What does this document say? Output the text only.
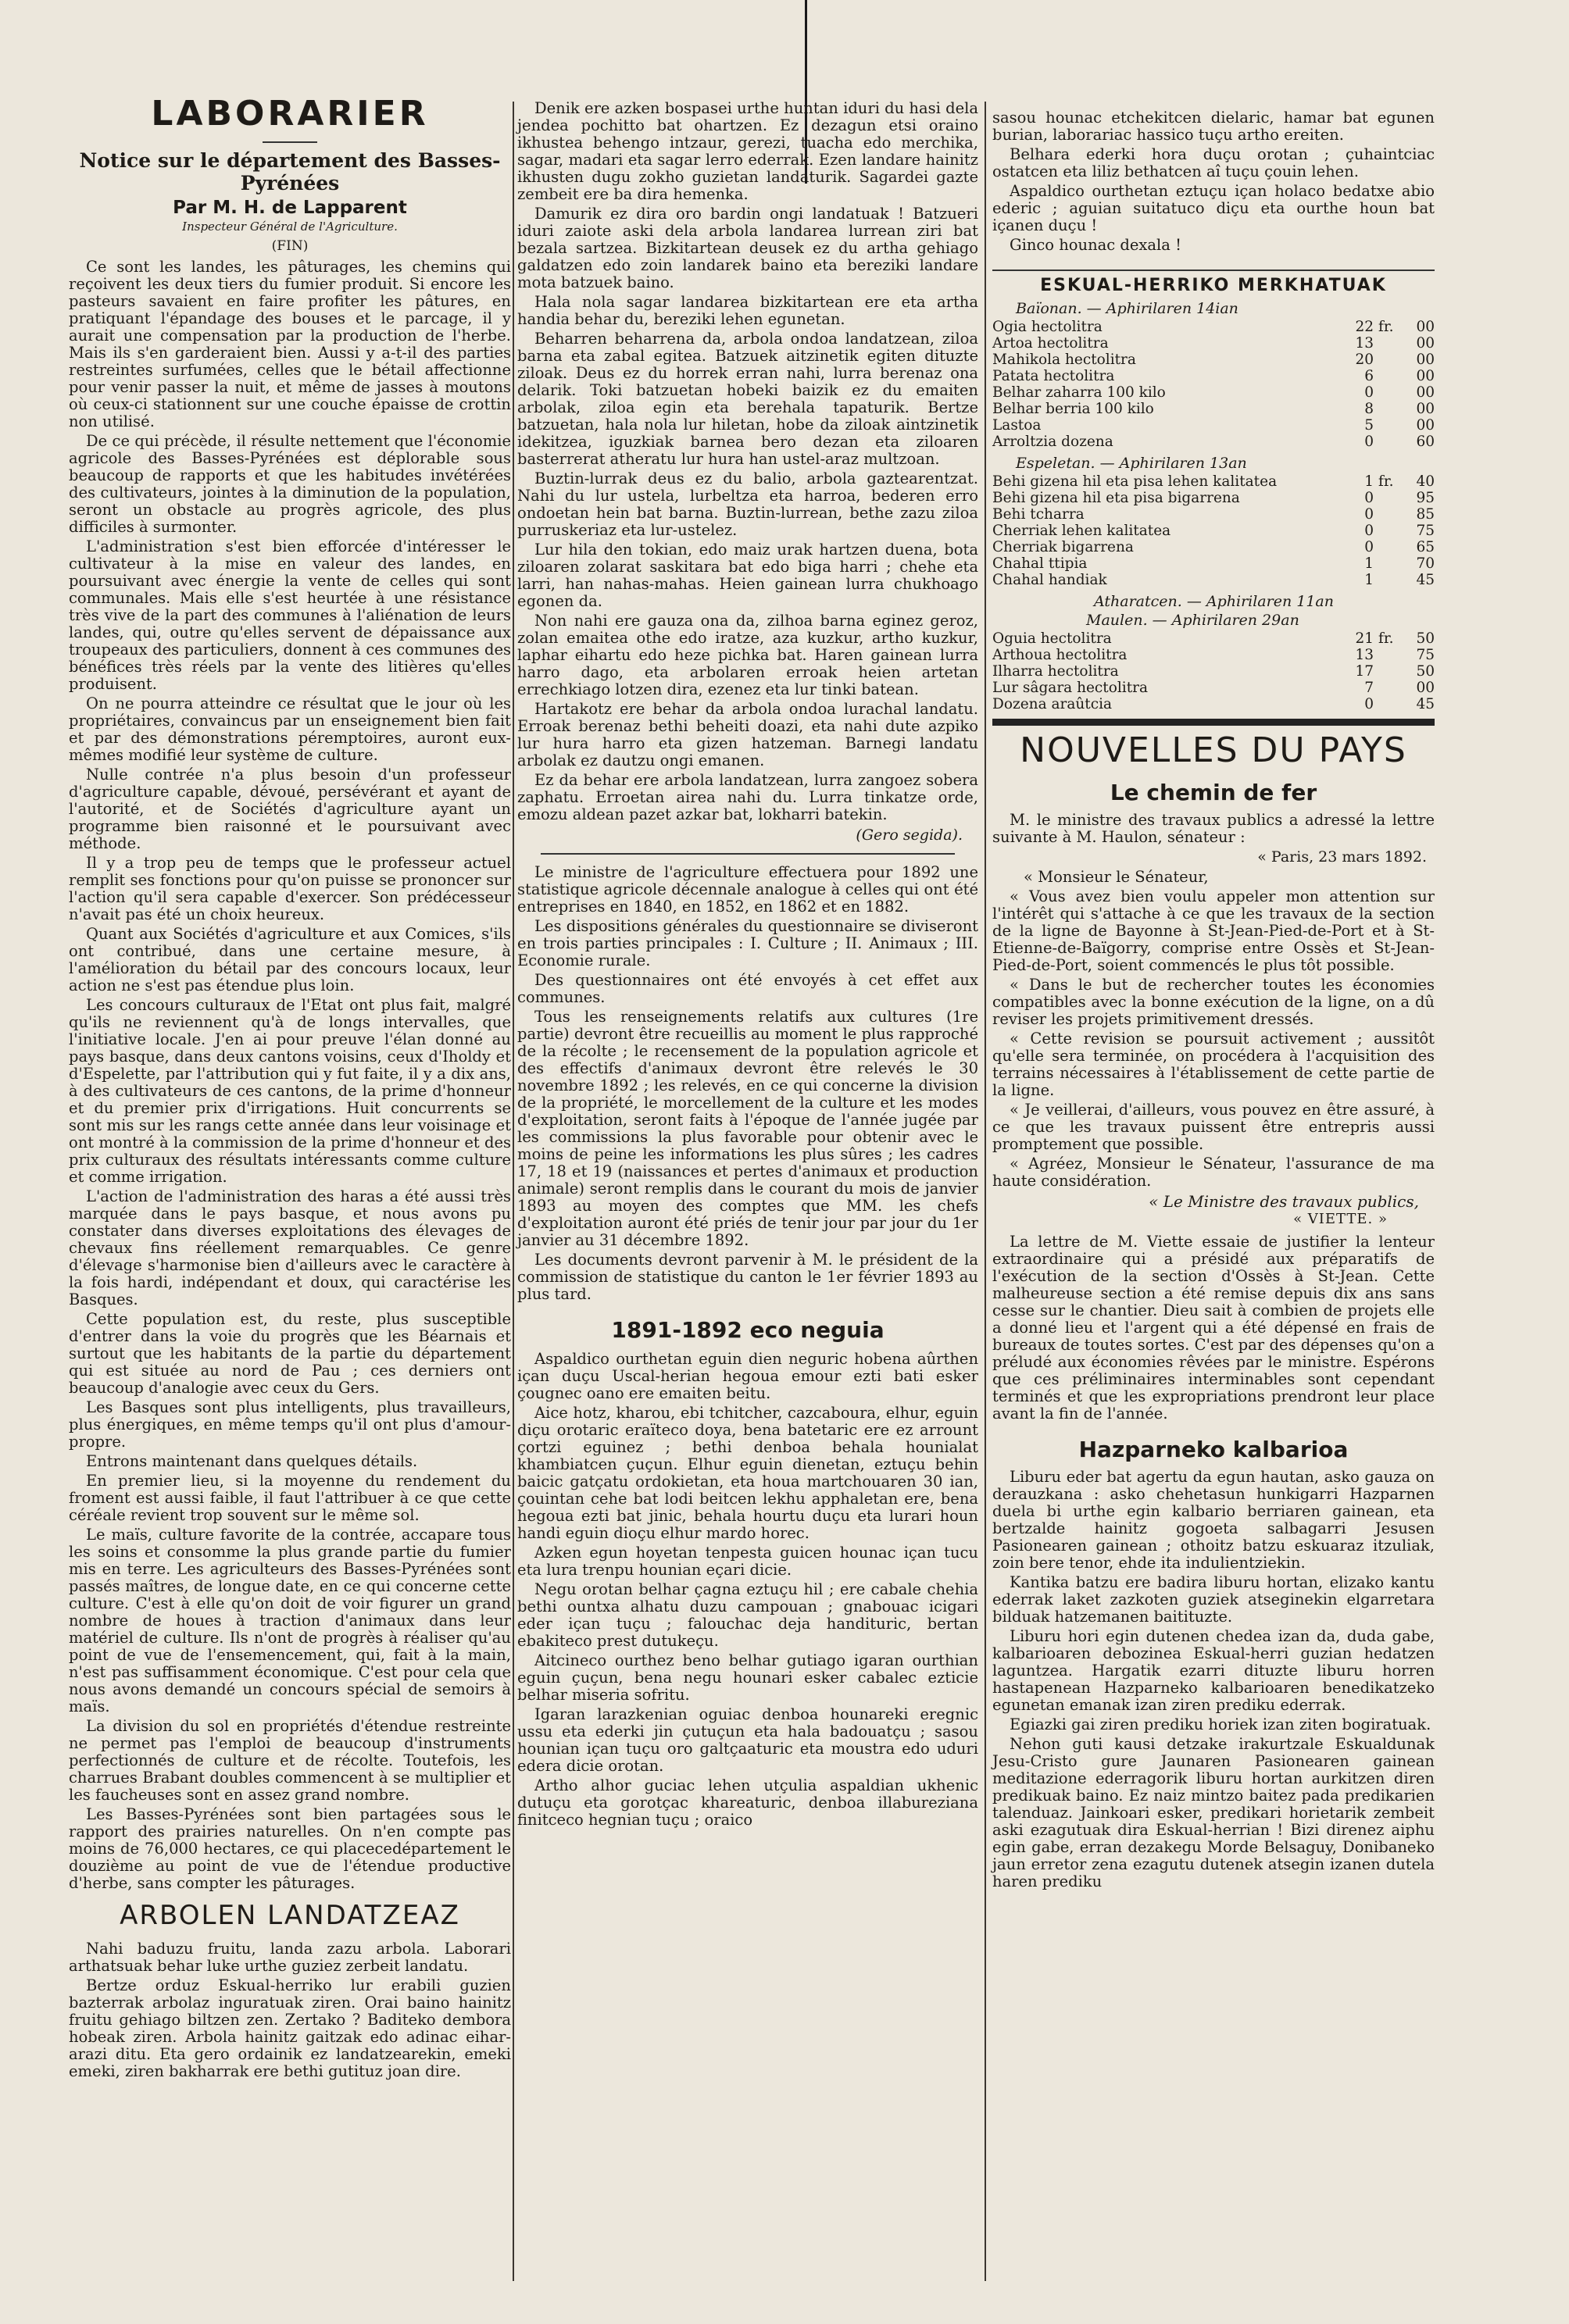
LABORARIER

Notice sur le département des Basses-Pyrénées

Par M. H. de Lapparent

Inspecteur Général de l'Agriculture.

(FIN)

Ce sont les landes, les pâturages, les chemins qui reçoivent les deux tiers du fumier produit. Si encore les pasteurs savaient en faire profiter les pâtures, en pratiquant l'épandage des bouses et le parcage, il y aurait une compensation par la production de l'herbe. Mais ils s'en garderaient bien. Aussi y a-t-il des parties restreintes surfumées, celles que le bétail affectionne pour venir passer la nuit, et même de jasses à moutons où ceux-ci stationnent sur une couche épaisse de crottin non utilisé.

De ce qui précède, il résulte nettement que l'économie agricole des Basses-Pyrénées est déplorable sous beaucoup de rapports et que les habitudes invétérées des cultivateurs, jointes à la diminution de la population, seront un obstacle au progrès agricole, des plus difficiles à surmonter.

L'administration s'est bien efforcée d'intéresser le cultivateur à la mise en valeur des landes, en poursuivant avec énergie la vente de celles qui sont communales. Mais elle s'est heurtée à une résistance très vive de la part des communes à l'aliénation de leurs landes, qui, outre qu'elles servent de dépaissance aux troupeaux des particuliers, donnent à ces communes des bénéfices très réels par la vente des litières qu'elles produisent.

On ne pourra atteindre ce résultat que le jour où les propriétaires, convaincus par un enseignement bien fait et par des démonstrations péremptoires, auront eux-mêmes modifié leur système de culture.

Nulle contrée n'a plus besoin d'un professeur d'agriculture capable, dévoué, persévérant et ayant de l'autorité, et de Sociétés d'agriculture ayant un programme bien raisonné et le poursuivant avec méthode.

Il y a trop peu de temps que le professeur actuel remplit ses fonctions pour qu'on puisse se prononcer sur l'action qu'il sera capable d'exercer. Son prédécesseur n'avait pas été un choix heureux.

Quant aux Sociétés d'agriculture et aux Comices, s'ils ont contribué, dans une certaine mesure, à l'amélioration du bétail par des concours locaux, leur action ne s'est pas étendue plus loin.

Les concours culturaux de l'Etat ont plus fait, malgré qu'ils ne reviennent qu'à de longs intervalles, que l'initiative locale. J'en ai pour preuve l'élan donné au pays basque, dans deux cantons voisins, ceux d'Iholdy et d'Espelette, par l'attribution qui y fut faite, il y a dix ans, à des cultivateurs de ces cantons, de la prime d'honneur et du premier prix d'irrigations. Huit concurrents se sont mis sur les rangs cette année dans leur voisinage et ont montré à la commission de la prime d'honneur et des prix culturaux des résultats intéressants comme culture et comme irrigation.

L'action de l'administration des haras a été aussi très marquée dans le pays basque, et nous avons pu constater dans diverses exploitations des élevages de chevaux fins réellement remarquables. Ce genre d'élevage s'harmonise bien d'ailleurs avec le caractère à la fois hardi, indépendant et doux, qui caractérise les Basques.

Cette population est, du reste, plus susceptible d'entrer dans la voie du progrès que les Béarnais et surtout que les habitants de la partie du département qui est située au nord de Pau ; ces derniers ont beaucoup d'analogie avec ceux du Gers.

Les Basques sont plus intelligents, plus travailleurs, plus énergiques, en même temps qu'il ont plus d'amour-propre.

Entrons maintenant dans quelques détails.

En premier lieu, si la moyenne du rendement du froment est aussi faible, il faut l'attribuer à ce que cette céréale revient trop souvent sur le même sol.

Le maïs, culture favorite de la contrée, accapare tous les soins et consomme la plus grande partie du fumier mis en terre. Les agriculteurs des Basses-Pyrénées sont passés maîtres, de longue date, en ce qui concerne cette culture. C'est à elle qu'on doit de voir figurer un grand nombre de houes à traction d'animaux dans leur matériel de culture. Ils n'ont de progrès à réaliser qu'au point de vue de l'ensemencement, qui, fait à la main, n'est pas suffisamment économique. C'est pour cela que nous avons demandé un concours spécial de semoirs à maïs.

La division du sol en propriétés d'étendue restreinte ne permet pas l'emploi de beaucoup d'instruments perfectionnés de culture et de récolte. Toutefois, les charrues Brabant doubles commencent à se multiplier et les faucheuses sont en assez grand nombre.

Les Basses-Pyrénées sont bien partagées sous le rapport des prairies naturelles. On n'en compte pas moins de 76,000 hectares, ce qui placecedépartement le douzième au point de vue de l'étendue productive d'herbe, sans compter les pâturages.

ARBOLEN LANDATZEAZ

Nahi baduzu fruitu, landa zazu arbola. Laborari arthatsuak behar luke urthe guziez zerbeit landatu.

Bertze orduz Eskual-herriko lur erabili guzien bazterrak arbolaz inguratuak ziren. Orai baino hainitz fruitu gehiago biltzen zen. Zertako ? Baditeko dembora hobeak ziren. Arbola hainitz gaitzak edo adinac eihar-arazi ditu. Eta gero ordainik ez landatzearekin, emeki emeki, ziren bakharrak ere bethi gutituz joan dire.

Denik ere azken bospasei urthe huntan iduri du hasi dela jendea pochitto bat ohartzen. Ez dezagun etsi oraino ikhustea behengo intzaur, gerezi, tuacha edo merchika, sagar, madari eta sagar lerro ederrak. Ezen landare hainitz ikhusten dugu zokho guzietan landaturik. Sagardei gazte zembeit ere ba dira hemenka.

Damurik ez dira oro bardin ongi landatuak ! Batzueri iduri zaiote aski dela arbola landarea lurrean ziri bat bezala sartzea. Bizkitartean deusek ez du artha gehiago galdatzen edo zoin landarek baino eta bereziki landare mota batzuek baino.

Hala nola sagar landarea bizkitartean ere eta artha handia behar du, bereziki lehen egunetan.

Beharren beharrena da, arbola ondoa landatzean, ziloa barna eta zabal egitea. Batzuek aitzinetik egiten dituzte ziloak. Deus ez du horrek erran nahi, lurra berenaz ona delarik. Toki batzuetan hobeki baizik ez du emaiten arbolak, ziloa egin eta berehala tapaturik. Bertze batzuetan, hala nola lur hiletan, hobe da ziloak aintzinetik idekitzea, iguzkiak barnea bero dezan eta ziloaren basterrerat atheratu lur hura han ustel-araz multzoan.

Buztin-lurrak deus ez du balio, arbola gaztearentzat. Nahi du lur ustela, lurbeltza eta harroa, bederen erro ondoetan hein bat barna. Buztin-lurrean, bethe zazu ziloa purruskeriaz eta lur-ustelez.

Lur hila den tokian, edo maiz urak hartzen duena, bota ziloaren zolarat saskitara bat edo biga harri ; chehe eta larri, han nahas-mahas. Heien gainean lurra chukhoago egonen da.

Non nahi ere gauza ona da, zilhoa barna eginez geroz, zolan emaitea othe edo iratze, aza kuzkur, artho kuzkur, laphar eihartu edo heze pichka bat. Haren gainean lurra harro dago, eta arbolaren erroak heien artetan errechkiago lotzen dira, ezenez eta lur tinki batean.

Hartakotz ere behar da arbola ondoa lurachal landatu. Erroak berenaz bethi beheiti doazi, eta nahi dute azpiko lur hura harro eta gizen hatzeman. Barnegi landatu arbolak ez dautzu ongi emanen.

Ez da behar ere arbola landatzean, lurra zangoez sobera zaphatu. Erroetan airea nahi du. Lurra tinkatze orde, emozu aldean pazet azkar bat, lokharri batekin.

(Gero segida).

Le ministre de l'agriculture effectuera pour 1892 une statistique agricole décennale analogue à celles qui ont été entreprises en 1840, en 1852, en 1862 et en 1882.

Les dispositions générales du questionnaire se diviseront en trois parties principales : I. Culture ; II. Animaux ; III. Economie rurale.

Des questionnaires ont été envoyés à cet effet aux communes.

Tous les renseignements relatifs aux cultures (1re partie) devront être recueillis au moment le plus rapproché de la récolte ; le recensement de la population agricole et des effectifs d'animaux devront être relevés le 30 novembre 1892 ; les relevés, en ce qui concerne la division de la propriété, le morcellement de la culture et les modes d'exploitation, seront faits à l'époque de l'année jugée par les commissions la plus favorable pour obtenir avec le moins de peine les informations les plus sûres ; les cadres 17, 18 et 19 (naissances et pertes d'animaux et production animale) seront remplis dans le courant du mois de janvier 1893 au moyen des comptes que MM. les chefs d'exploitation auront été priés de tenir jour par jour du 1er janvier au 31 décembre 1892.

Les documents devront parvenir à M. le président de la commission de statistique du canton le 1er février 1893 au plus tard.

1891-1892 eco neguia

Aspaldico ourthetan eguin dien neguric hobena aûrthen içan duçu Uscal-herian hegoua emour ezti bati esker çougnec oano ere emaiten beitu.

Aice hotz, kharou, ebi tchitcher, cazcaboura, elhur, eguin diçu orotaric eraïteco doya, bena batetaric ere ez arrount çortzi eguinez ; bethi denboa behala hounialat khambiatcen çuçun. Elhur eguin dienetan, eztuçu behin baicic gatçatu ordokietan, eta houa martchouaren 30 ian, çouintan cehe bat lodi beitcen lekhu apphaletan ere, bena hegoua ezti bat jinic, behala hourtu duçu eta lurari houn handi eguin dioçu elhur mardo horec.

Azken egun hoyetan tenpesta guicen hounac içan tucu eta lura trenpu hounian eçari dicie.

Negu orotan belhar çagna eztuçu hil ; ere cabale chehia bethi ountxa alhatu duzu campouan ; gnabouac icigari eder içan tuçu ; falouchac deja handituric, bertan ebakiteco prest dutukeçu.

Aitcineco ourthez beno belhar gutiago igaran ourthian eguin çuçun, bena negu hounari esker cabalec ezticie belhar miseria sofritu.

Igaran larazkenian oguiac denboa hounareki eregnic ussu eta ederki jin çutuçun eta hala badouatçu ; sasou hounian içan tuçu oro galtçaaturic eta moustra edo uduri edera dicie orotan.

Artho alhor guciac lehen utçulia aspaldian ukhenic dutuçu eta gorotçac khareaturic, denboa illabureziana finitceco hegnian tuçu ; oraico

sasou hounac etchekitcen dielaric, hamar bat egunen burian, laborariac hassico tuçu artho ereiten.

Belhara ederki hora duçu orotan ; çuhaintciac ostatcen eta liliz bethatcen aî tuçu çouin lehen.

Aspaldico ourthetan eztuçu içan holaco bedatxe abio ederic ; aguian suitatuco diçu eta ourthe houn bat içanen duçu !

Ginco hounac dexala !

ESKUAL-HERRIKO MERKHATUAK
Baïonan. — Aphirilaren 14ian
Ogia hectolitra	22	fr.	00
Artoa hectolitra	13		00
Mahikola hectolitra	20		00
Patata hectolitra	6		00
Belhar zaharra 100 kilo	0		00
Belhar berria 100 kilo	8		00
Lastoa	5		00
Arroltzia dozena	0		60
Espeletan. — Aphirilaren 13an
Behi gizena hil eta pisa lehen kalitatea	1	fr.	40
Behi gizena hil eta pisa bigarrena	0		95
Behi tcharra	0		85
Cherriak lehen kalitatea	0		75
Cherriak bigarrena	0		65
Chahal ttipia	1		70
Chahal handiak	1		45
Atharatcen. — Aphirilaren 11an
Maulen. — Aphirilaren 29an
Oguia hectolitra	21	fr.	50
Arthoua hectolitra	13		75
Ilharra hectolitra	17		50
Lur sâgara hectolitra	7		00
Dozena araûtcia	0		45
NOUVELLES DU PAYS
Le chemin de fer

M. le ministre des travaux publics a adressé la lettre suivante à M. Haulon, sénateur :

« Paris, 23 mars 1892.

« Monsieur le Sénateur,

« Vous avez bien voulu appeler mon attention sur l'intérêt qui s'attache à ce que les travaux de la section de la ligne de Bayonne à St-Jean-Pied-de-Port et à St-Etienne-de-Baïgorry, comprise entre Ossès et St-Jean-Pied-de-Port, soient commencés le plus tôt possible.

« Dans le but de rechercher toutes les économies compatibles avec la bonne exécution de la ligne, on a dû reviser les projets primitivement dressés.

« Cette revision se poursuit activement ; aussitôt qu'elle sera terminée, on procédera à l'acquisition des terrains nécessaires à l'établissement de cette partie de la ligne.

« Je veillerai, d'ailleurs, vous pouvez en être assuré, à ce que les travaux puissent être entrepris aussi promptement que possible.

« Agréez, Monsieur le Sénateur, l'assurance de ma haute considération.

« Le Ministre des travaux publics,

« VIETTE. »

La lettre de M. Viette essaie de justifier la lenteur extraordinaire qui a présidé aux préparatifs de l'exécution de la section d'Ossès à St-Jean. Cette malheureuse section a été remise depuis dix ans sans cesse sur le chantier. Dieu sait à combien de projets elle a donné lieu et l'argent qui a été dépensé en frais de bureaux de toutes sortes. C'est par des dépenses qu'on a préludé aux économies rêvées par le ministre. Espérons que ces préliminaires interminables sont cependant terminés et que les expropriations prendront leur place avant la fin de l'année.

Hazparneko kalbarioa

Liburu eder bat agertu da egun hautan, asko gauza on derauzkana : asko chehetasun hunkigarri Hazparnen duela bi urthe egin kalbario berriaren gainean, eta bertzalde hainitz gogoeta salbagarri Jesusen Pasionearen gainean ; othoitz batzu eskuaraz itzuliak, zoin bere tenor, ehde ita indulientziekin.

Kantika batzu ere badira liburu hortan, elizako kantu ederrak laket zazkoten guziek atseginekin elgarretara bilduak hatzemanen baitituzte.

Liburu hori egin dutenen chedea izan da, duda gabe, kalbarioaren debozinea Eskual-herri guzian hedatzen laguntzea. Hargatik ezarri dituzte liburu horren hastapenean Hazparneko kalbarioaren benedikatzeko egunetan emanak izan ziren prediku ederrak.

Egiazki gai ziren prediku horiek izan ziten bogiratuak.

Nehon guti kausi detzake irakurtzale Eskualdunak Jesu-Cristo gure Jaunaren Pasionearen gainean meditazione ederragorik liburu hortan aurkitzen diren predikuak baino. Ez naiz mintzo baitez pada predikarien talenduaz. Jainkoari esker, predikari horietarik zembeit aski ezagutuak dira Eskual-herrian ! Bizi direnez aiphu egin gabe, erran dezakegu Morde Belsaguy, Donibaneko jaun erretor zena ezagutu dutenek atsegin izanen dutela haren prediku
